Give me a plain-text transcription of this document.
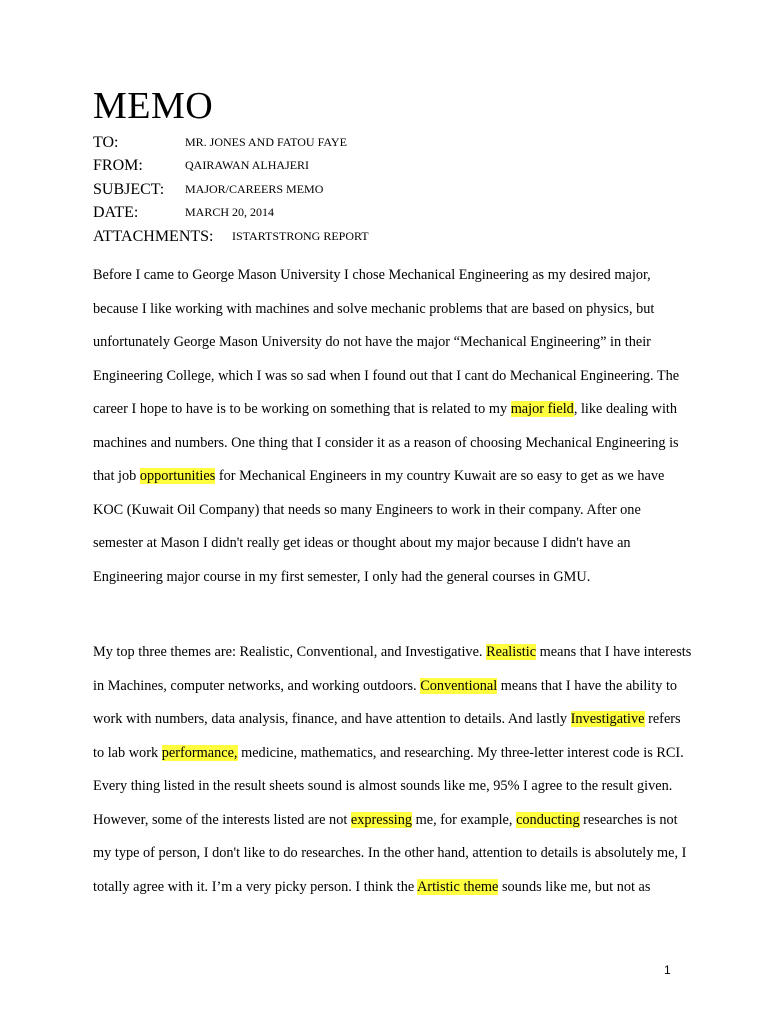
MEMO
TO:	MR. JONES AND FATOU FAYE
FROM:	QAIRAWAN ALHAJERI
SUBJECT: MAJOR/CAREERS MEMO
DATE:	MARCH 20, 2014
ATTACHMENTS: ISTARTSTRONG REPORT

Before I came to George Mason University I chose Mechanical Engineering as my desired major, because I like working with machines and solve mechanic problems that are based on physics, but unfortunately George Mason University do not have the major “Mechanical Engineering” in their Engineering College, which I was so sad when I found out that I cant do Mechanical Engineering. The career I hope to have is to be working on something that is related to my major field, like dealing with machines and numbers. One thing that I consider it as a reason of choosing Mechanical Engineering is that job opportunities for Mechanical Engineers in my country Kuwait are so easy to get as we have KOC (Kuwait Oil Company) that needs so many Engineers to work in their company. After one semester at Mason I didn't really get ideas or thought about my major because I didn't have an Engineering major course in my first semester, I only had the general courses in GMU.

My top three themes are: Realistic, Conventional, and Investigative. Realistic means that I have interests in Machines, computer networks, and working outdoors. Conventional means that I have the ability to work with numbers, data analysis, finance, and have attention to details. And lastly Investigative refers to lab work performance, medicine, mathematics, and researching. My three-letter interest code is RCI. Every thing listed in the result sheets sound is almost sounds like me, 95% I agree to the result given. However, some of the interests listed are not expressing me, for example, conducting researches is not my type of person, I don't like to do researches. In the other hand, attention to details is absolutely me, I totally agree with it. I’m a very picky person. I think the Artistic theme sounds like me, but not as

1
